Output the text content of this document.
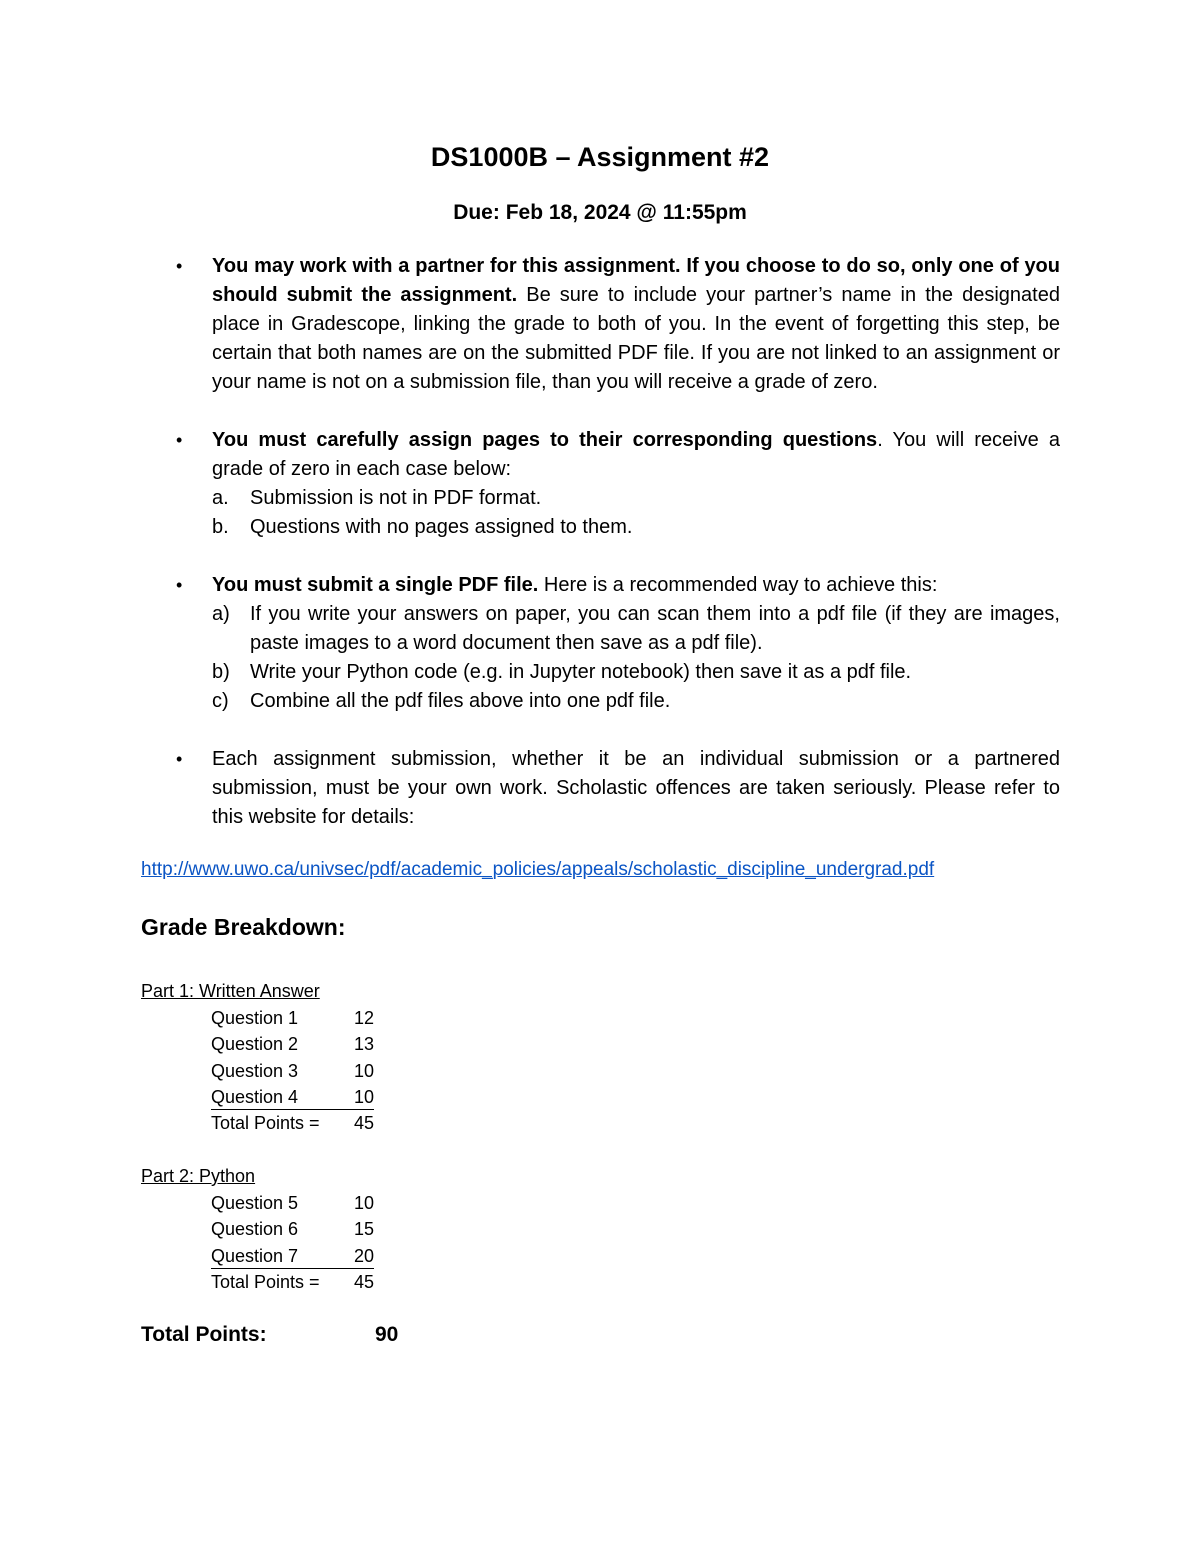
DS1000B – Assignment #2
Due: Feb 18, 2024 @ 11:55pm
• You may work with a partner for this assignment. If you choose to do so, only one of you should submit the assignment. Be sure to include your partner’s name in the designated place in Gradescope, linking the grade to both of you. In the event of forgetting this step, be certain that both names are on the submitted PDF file. If you are not linked to an assignment or your name is not on a submission file, than you will receive a grade of zero.
• You must carefully assign pages to their corresponding questions. You will receive a grade of zero in each case below:
a. Submission is not in PDF format.
b. Questions with no pages assigned to them.
• You must submit a single PDF file. Here is a recommended way to achieve this:
a) If you write your answers on paper, you can scan them into a pdf file (if they are images, paste images to a word document then save as a pdf file).
b) Write your Python code (e.g. in Jupyter notebook) then save it as a pdf file.
c) Combine all the pdf files above into one pdf file.
• Each assignment submission, whether it be an individual submission or a partnered submission, must be your own work. Scholastic offences are taken seriously. Please refer to this website for details:
http://www.uwo.ca/univsec/pdf/academic_policies/appeals/scholastic_discipline_undergrad.pdf
Grade Breakdown:
Part 1: Written Answer
Question 1	12
Question 2	13
Question 3	10
Question 4	10
Total Points = 45
Part 2: Python
Question 5	10
Question 6	15
Question 7	20
Total Points = 45
Total Points:	90
